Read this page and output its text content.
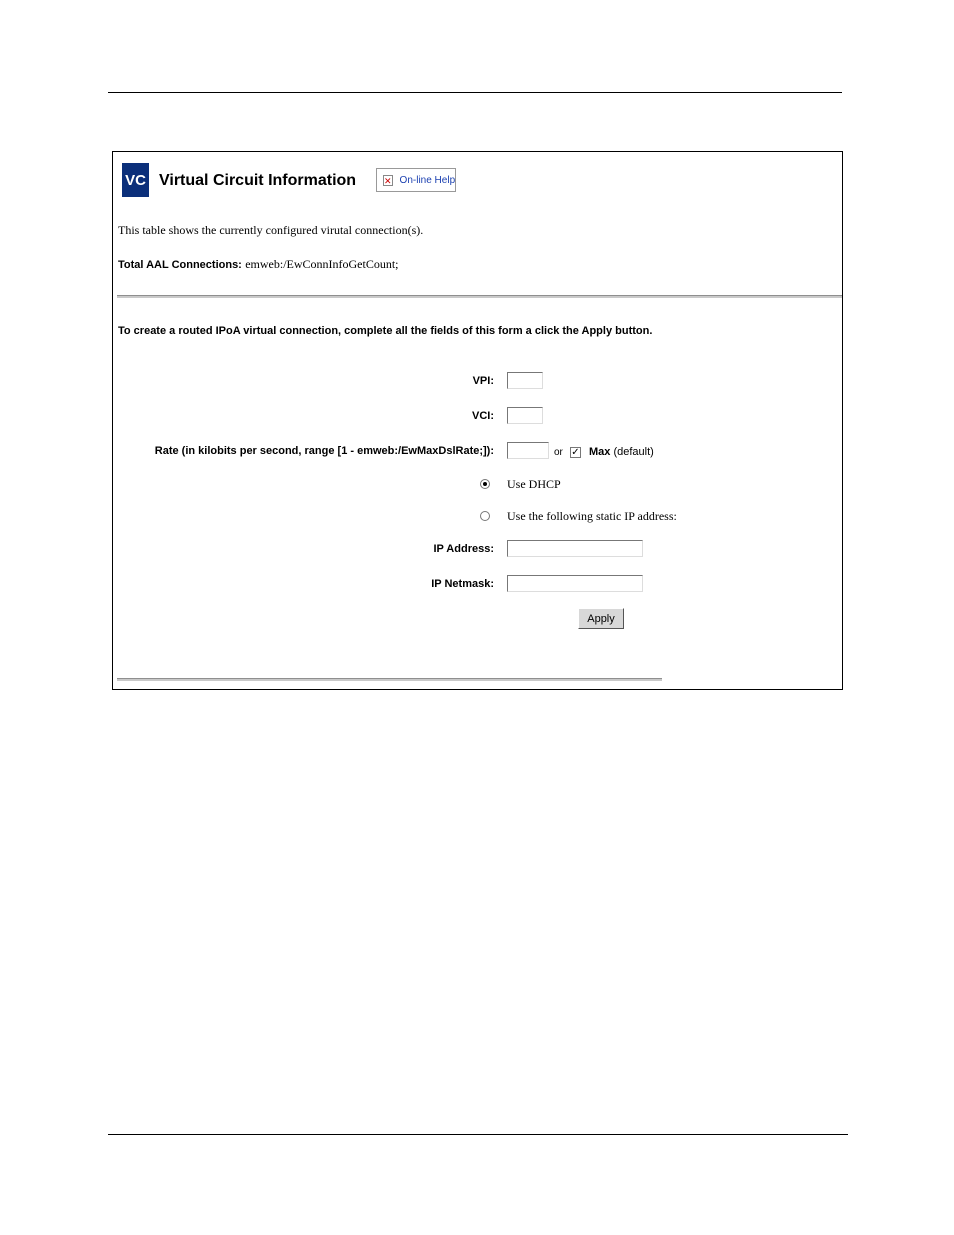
VC Virtual Circuit Information	✕ On-line Help
This table shows the currently configured virutal connection(s).
Total AAL Connections: emweb:/EwConnInfoGetCount;
To create a routed IPoA virtual connection, complete all the fields of this form a click the Apply button.
VPI:
VCI:
Rate (in kilobits per second, range [1 - emweb:/EwMaxDslRate;]):	or ✓ Max (default)
Use DHCP
Use the following static IP address:
IP Address:
IP Netmask:
Apply
